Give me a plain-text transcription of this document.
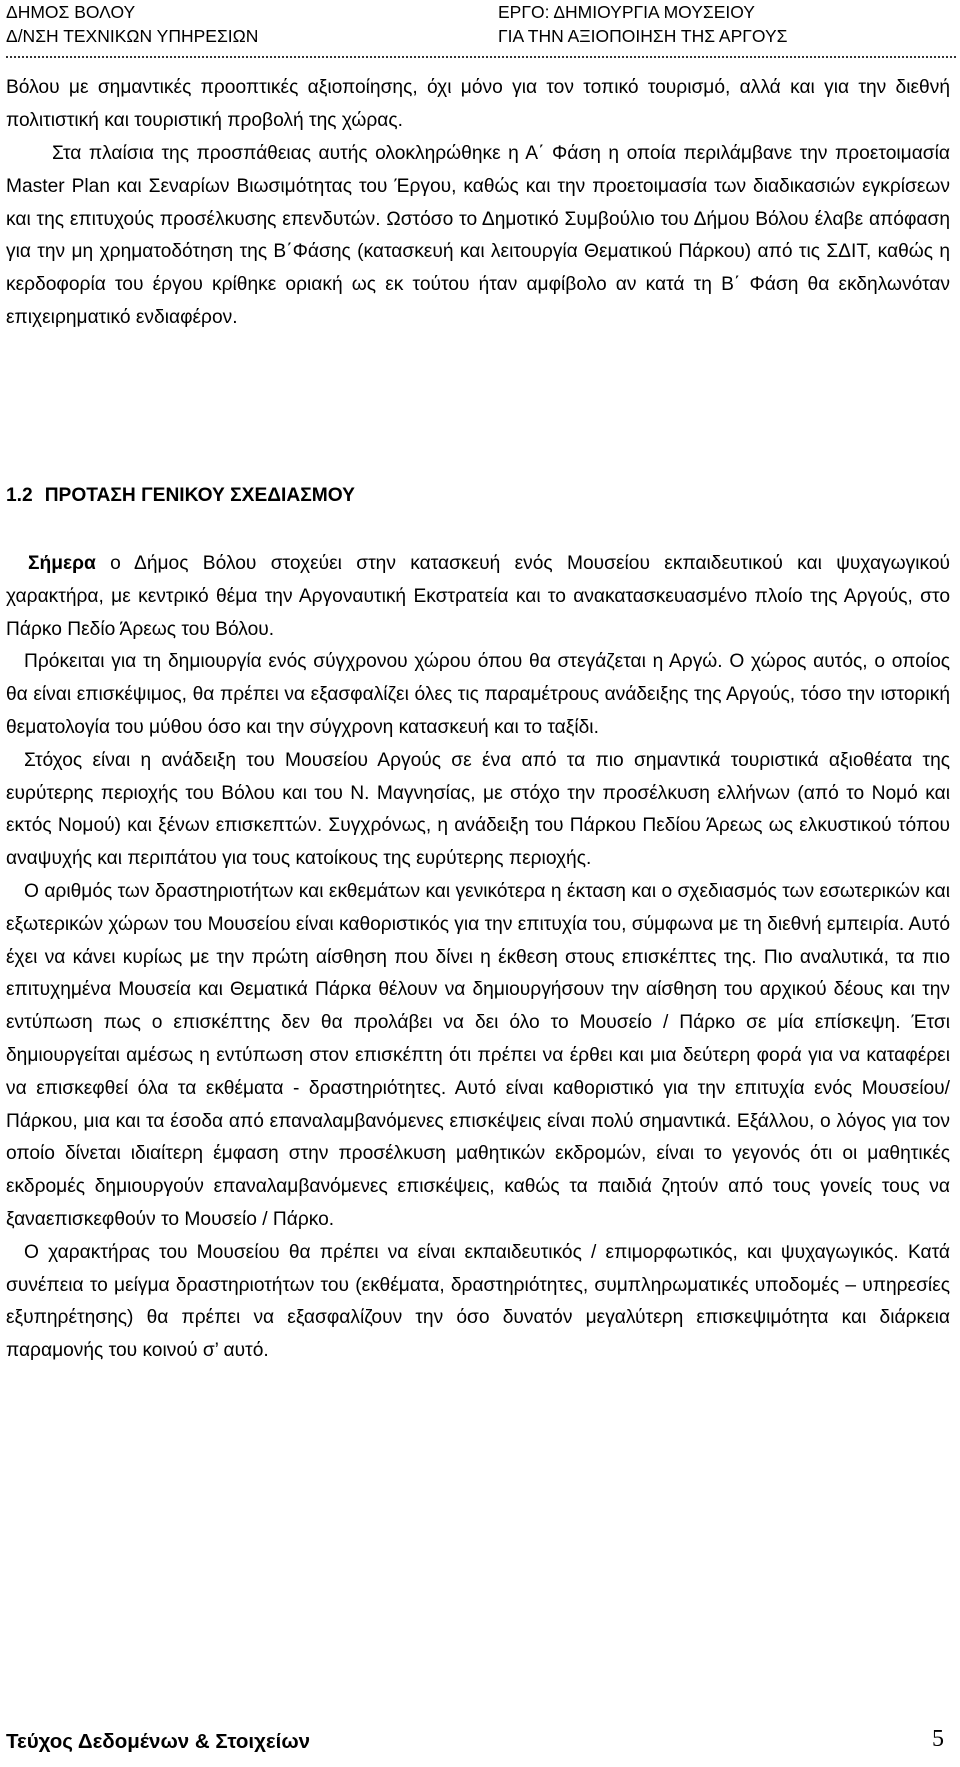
ΔΗΜΟΣ ΒΟΛΟΥ
Δ/ΝΣΗ ΤΕΧΝΙΚΩΝ ΥΠΗΡΕΣΙΩΝ
ΕΡΓΟ: ΔΗΜΙΟΥΡΓΙΑ ΜΟΥΣΕΙΟΥ
ΓΙΑ ΤΗΝ ΑΞΙΟΠΟΙΗΣΗ ΤΗΣ ΑΡΓΟΥΣ

Βόλου με σημαντικές προοπτικές αξιοποίησης, όχι μόνο για τον τοπικό τουρισμό, αλλά και για την διεθνή πολιτιστική και τουριστική προβολή της χώρας.

Στα πλαίσια της προσπάθειας αυτής ολοκληρώθηκε η Α΄ Φάση η οποία περιλάμβανε την προετοιμασία Master Plan και Σεναρίων Βιωσιμότητας του Έργου, καθώς και την προετοιμασία των διαδικασιών εγκρίσεων και της επιτυχούς προσέλκυσης επενδυτών. Ωστόσο το Δημοτικό Συμβούλιο του Δήμου Βόλου έλαβε απόφαση για την μη χρηματοδότηση της Β΄Φάσης (κατασκευή και λειτουργία Θεματικού Πάρκου) από τις ΣΔΙΤ, καθώς η κερδοφορία του έργου κρίθηκε οριακή ως εκ τούτου ήταν αμφίβολο αν κατά τη Β΄ Φάση θα εκδηλωνόταν επιχειρηματικό ενδιαφέρον.

1.2 ΠΡΟΤΑΣΗ ΓΕΝΙΚΟΥ ΣΧΕΔΙΑΣΜΟΥ

Σήμερα ο Δήμος Βόλου στοχεύει στην κατασκευή ενός Μουσείου εκπαιδευτικού και ψυχαγωγικού χαρακτήρα, με κεντρικό θέμα την Αργοναυτική Εκστρατεία και το ανακατασκευασμένο πλοίο της Αργούς, στο Πάρκο Πεδίο Άρεως του Βόλου.

Πρόκειται για τη δημιουργία ενός σύγχρονου χώρου όπου θα στεγάζεται η Αργώ. Ο χώρος αυτός, ο οποίος θα είναι επισκέψιμος, θα πρέπει να εξασφαλίζει όλες τις παραμέτρους ανάδειξης της Αργούς, τόσο την ιστορική θεματολογία του μύθου όσο και την σύγχρονη κατασκευή και το ταξίδι.

Στόχος είναι η ανάδειξη του Μουσείου Αργούς σε ένα από τα πιο σημαντικά τουριστικά αξιοθέατα της ευρύτερης περιοχής του Βόλου και του Ν. Μαγνησίας, με στόχο την προσέλκυση ελλήνων (από το Νομό και εκτός Νομού) και ξένων επισκεπτών. Συγχρόνως, η ανάδειξη του Πάρκου Πεδίου Άρεως ως ελκυστικού τόπου αναψυχής και περιπάτου για τους κατοίκους της ευρύτερης περιοχής.

Ο αριθμός των δραστηριοτήτων και εκθεμάτων και γενικότερα η έκταση και ο σχεδιασμός των εσωτερικών και εξωτερικών χώρων του Μουσείου είναι καθοριστικός για την επιτυχία του, σύμφωνα με τη διεθνή εμπειρία. Αυτό έχει να κάνει κυρίως με την πρώτη αίσθηση που δίνει η έκθεση στους επισκέπτες της. Πιο αναλυτικά, τα πιο επιτυχημένα Μουσεία και Θεματικά Πάρκα θέλουν να δημιουργήσουν την αίσθηση του αρχικού δέους και την εντύπωση πως ο επισκέπτης δεν θα προλάβει να δει όλο το Μουσείο / Πάρκο σε μία επίσκεψη. Έτσι δημιουργείται αμέσως η εντύπωση στον επισκέπτη ότι πρέπει να έρθει και μια δεύτερη φορά για να καταφέρει να επισκεφθεί όλα τα εκθέματα - δραστηριότητες. Αυτό είναι καθοριστικό για την επιτυχία ενός Μουσείου/ Πάρκου, μια και τα έσοδα από επαναλαμβανόμενες επισκέψεις είναι πολύ σημαντικά. Εξάλλου, ο λόγος για τον οποίο δίνεται ιδιαίτερη έμφαση στην προσέλκυση μαθητικών εκδρομών, είναι το γεγονός ότι οι μαθητικές εκδρομές δημιουργούν επαναλαμβανόμενες επισκέψεις, καθώς τα παιδιά ζητούν από τους γονείς τους να ξαναεπισκεφθούν το Μουσείο / Πάρκο.

Ο χαρακτήρας του Μουσείου θα πρέπει να είναι εκπαιδευτικός / επιμορφωτικός, και ψυχαγωγικός. Κατά συνέπεια το μείγμα δραστηριοτήτων του (εκθέματα, δραστηριότητες, συμπληρωματικές υποδομές – υπηρεσίες εξυπηρέτησης) θα πρέπει να εξασφαλίζουν την όσο δυνατόν μεγαλύτερη επισκεψιμότητα και διάρκεια παραμονής του κοινού σ’ αυτό.

Τεύχος Δεδομένων & Στοιχείων	5
